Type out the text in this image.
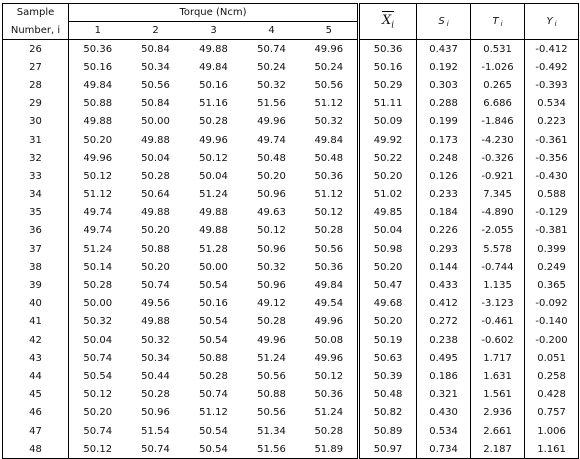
Sample	Torque (Ncm)					$X_i$	S $_i$	T $_i$	Y $_i$
Number, i	1	2	3	4	5				
26	50.36	50.84	49.88	50.74	49.96	50.36	0.437	0.531	-0.412
27	50.16	50.34	49.84	50.24	50.24	50.16	0.192	-1.026	-0.492
28	49.84	50.56	50.16	50.32	50.56	50.29	0.303	0.265	-0.393
29	50.88	50.84	51.16	51.56	51.12	51.11	0.288	6.686	0.534
30	49.88	50.00	50.28	49.96	50.32	50.09	0.199	-1.846	0.223
31	50.20	49.88	49.96	49.74	49.84	49.92	0.173	-4.230	-0.361
32	49.96	50.04	50.12	50.48	50.48	50.22	0.248	-0.326	-0.356
33	50.12	50.28	50.04	50.20	50.36	50.20	0.126	-0.921	-0.430
34	51.12	50.64	51.24	50.96	51.12	51.02	0.233	7.345	0.588
35	49.74	49.88	49.88	49.63	50.12	49.85	0.184	-4.890	-0.129
36	49.74	50.20	49.88	50.12	50.28	50.04	0.226	-2.055	-0.381
37	51.24	50.88	51.28	50.96	50.56	50.98	0.293	5.578	0.399
38	50.14	50.20	50.00	50.32	50.36	50.20	0.144	-0.744	0.249
39	50.28	50.74	50.54	50.96	49.84	50.47	0.433	1.135	0.365
40	50.00	49.56	50.16	49.12	49.54	49.68	0.412	-3.123	-0.092
41	50.32	49.88	50.54	50.28	49.96	50.20	0.272	-0.461	-0.140
42	50.04	50.32	50.54	49.96	50.08	50.19	0.238	-0.602	-0.200
43	50.74	50.34	50.88	51.24	49.96	50.63	0.495	1.717	0.051
44	50.54	50.44	50.28	50.56	50.12	50.39	0.186	1.631	0.258
45	50.12	50.28	50.74	50.88	50.36	50.48	0.321	1.561	0.428
46	50.20	50.96	51.12	50.56	51.24	50.82	0.430	2.936	0.757
47	50.74	51.54	50.54	51.34	50.28	50.89	0.534	2.661	1.006
48	50.12	50.74	50.54	51.56	51.89	50.97	0.734	2.187	1.161
